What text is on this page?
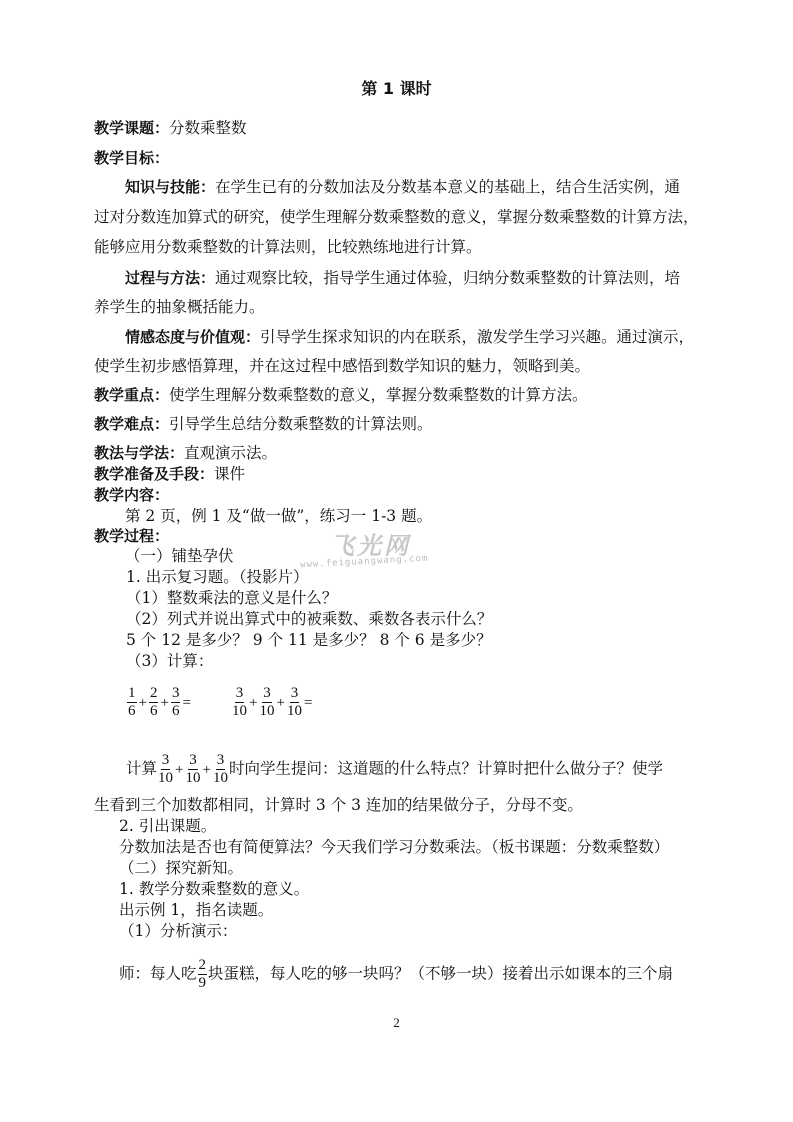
第 1 课时
教学课题：分数乘整数
教学目标：
知识与技能：在学生已有的分数加法及分数基本意义的基础上，结合生活实例，通
过对分数连加算式的研究，使学生理解分数乘整数的意义，掌握分数乘整数的计算方法，
能够应用分数乘整数的计算法则，比较熟练地进行计算。
过程与方法：通过观察比较，指导学生通过体验，归纳分数乘整数的计算法则，培
养学生的抽象概括能力。
情感态度与价值观：引导学生探求知识的内在联系，激发学生学习兴趣。通过演示，
使学生初步感悟算理，并在这过程中感悟到数学知识的魅力，领略到美。
教学重点：使学生理解分数乘整数的意义，掌握分数乘整数的计算方法。
教学难点：引导学生总结分数乘整数的计算法则。
教法与学法：直观演示法。
教学准备及手段：课件
教学内容：
第 2 页，例 1 及“做一做”，练习一 1-3 题。
教学过程：	飞光网
www.feiguangwang.com
（一）铺垫孕伏
1. 出示复习题。（投影片）
（1）整数乘法的意义是什么？
（2）列式并说出算式中的被乘数、乘数各表示什么？
5 个 12 是多少？ 9 个 11 是多少？ 8 个 6 是多少？
（3）计算：
$\frac{1}{6} + \frac{2}{6} + \frac{3}{6}$ =	$\frac{3}{10} + \frac{3}{10} + \frac{3}{10}$ =
计算 $\frac{3}{10} + \frac{3}{10} + \frac{3}{10}$ 时向学生提问：这道题的什么特点？计算时把什么做分子？使学
生看到三个加数都相同，计算时 3 个 3 连加的结果做分子，分母不变。
2. 引出课题。
分数加法是否也有简便算法？今天我们学习分数乘法。（板书课题：分数乘整数）
（二）探究新知。
1. 教学分数乘整数的意义。
出示例 1，指名读题。
（1）分析演示：
师：每人吃 $\frac{2}{9}$ 块蛋糕，每人吃的够一块吗？（不够一块）接着出示如课本的三个扇
2
